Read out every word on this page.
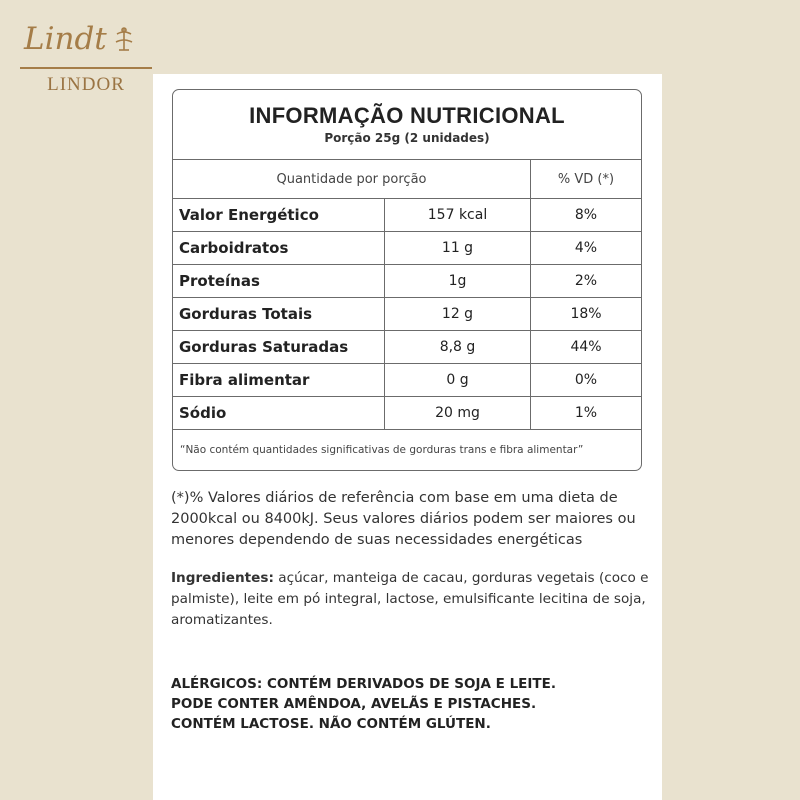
Lindt
LINDOR
INFORMAÇÃO NUTRICIONAL
Porção 25g (2 unidades)
Quantidade por porção		% VD (*)
Valor Energético	157 kcal	8%
Carboidratos	11 g	4%
Proteínas	1g	2%
Gorduras Totais	12 g	18%
Gorduras Saturadas	8,8 g	44%
Fibra alimentar	0 g	0%
Sódio	20 mg	1%
“Não contém quantidades significativas de gorduras trans e fibra alimentar”
(*)% Valores diários de referência com base em uma dieta de 2000kcal ou 8400kJ. Seus valores diários podem ser maiores ou menores dependendo de suas necessidades energéticas
Ingredientes: açúcar, manteiga de cacau, gorduras vegetais (coco e palmiste), leite em pó integral, lactose, emulsificante lecitina de soja, aromatizantes.
ALÉRGICOS: CONTÉM DERIVADOS DE SOJA E LEITE.
PODE CONTER AMÊNDOA, AVELÃS E PISTACHES.
CONTÉM LACTOSE. NÃO CONTÉM GLÚTEN.
